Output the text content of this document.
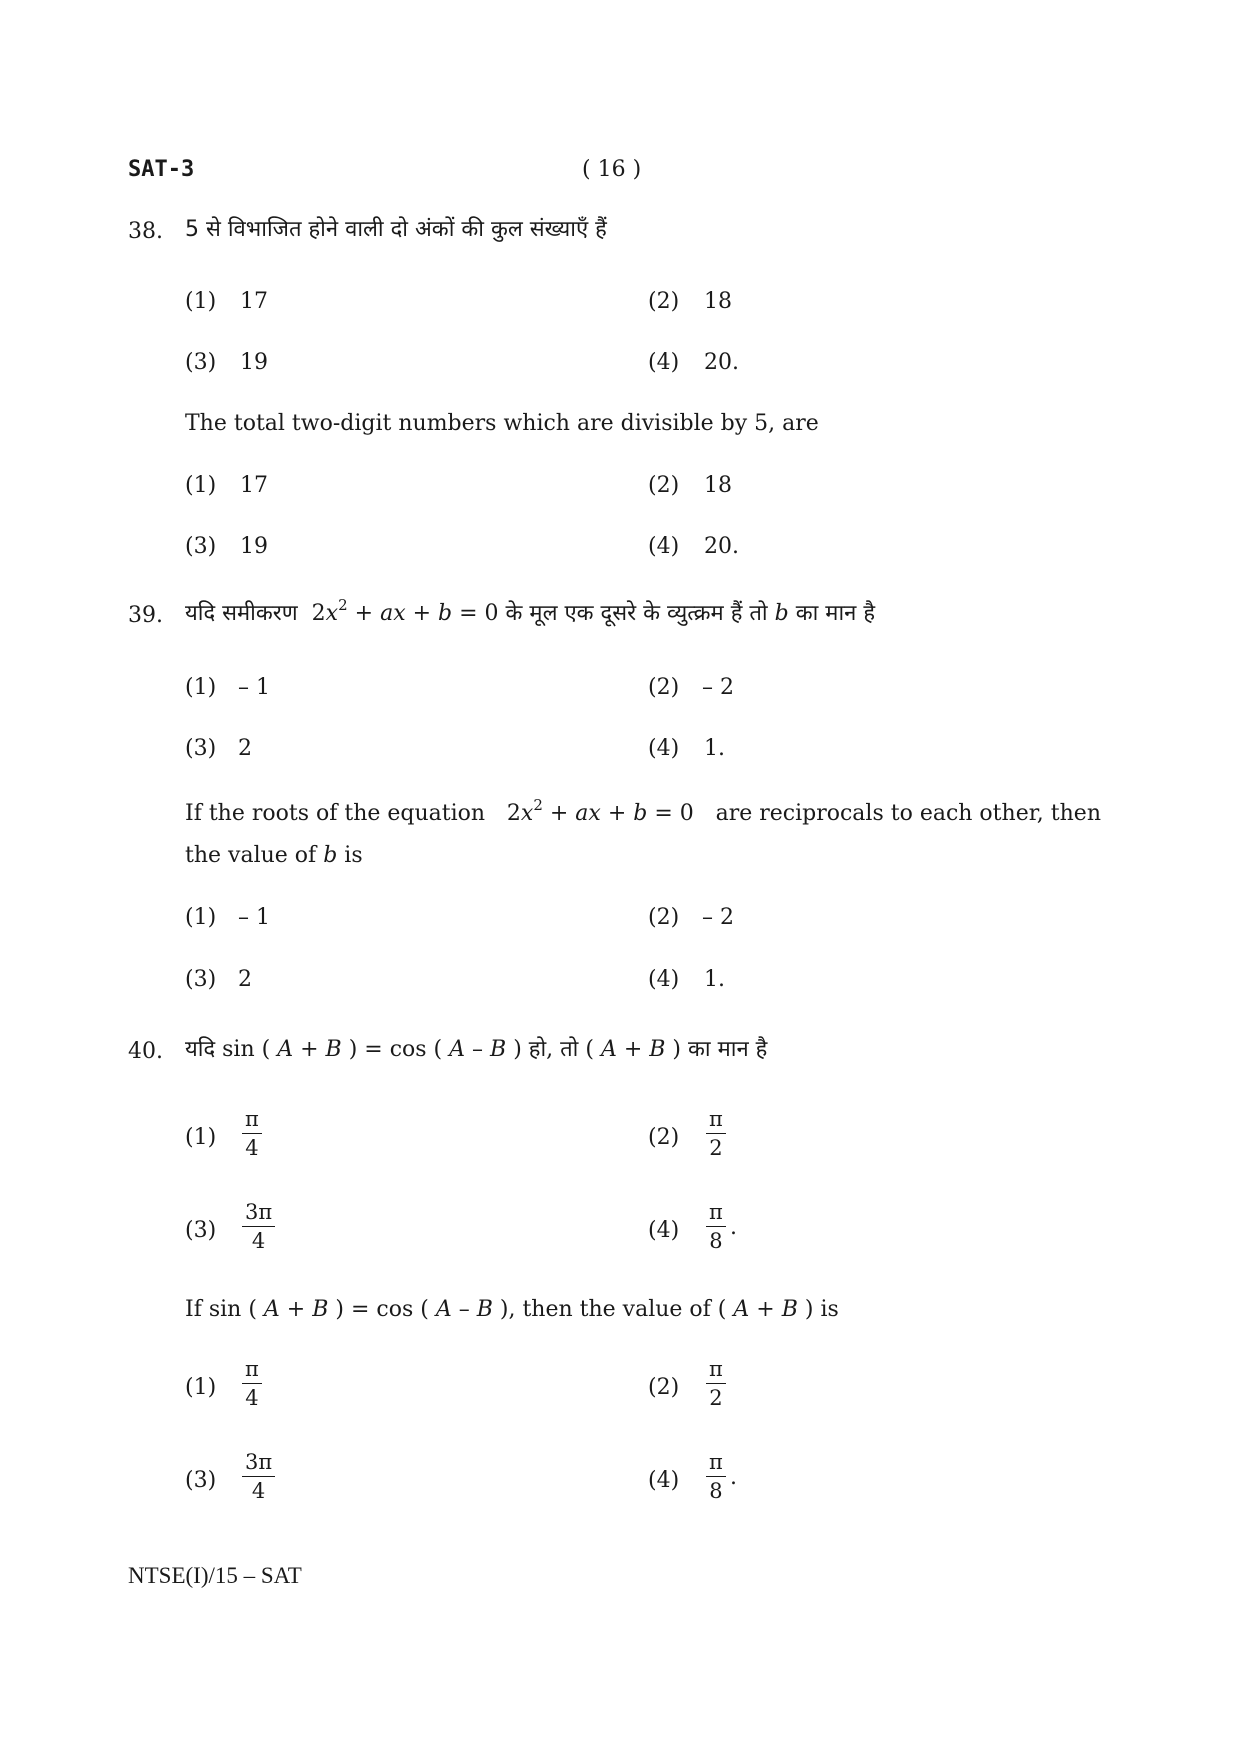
SAT-3	( 16 )
38. 5 से विभाजित होने वाली दो अंकों की कुल संख्याएँ हैं
(1) 17	(2) 18
(3) 19	(4) 20.
The total two-digit numbers which are divisible by 5, are
(1) 17	(2) 18
(3) 19	(4) 20.
39. यदि समीकरण $2x^2$ + ax + b = 0 के मूल एक दूसरे के व्युत्क्रम हैं तो b का मान है
(1) – 1	(2) – 2
(3) 2	(4) 1.
If the roots of the equation $2x^2$ + ax + b = 0 are reciprocals to each other, then
the value of b is
(1) – 1	(2) – 2
(3) 2	(4) 1.
40. यदि sin ( A + B ) = cos ( A – B ) हो, तो ( A + B ) का मान है
$(1) \frac{\pi}{4}$	$(2) \frac{\pi}{2}$
$(3) \frac{3\pi}{4}$	$(4) \frac{\pi}{8}$ .
If sin ( A + B ) = cos ( A – B ), then the value of ( A + B ) is
$(1) \frac{\pi}{4}$	$(2) \frac{\pi}{2}$
$(3) \frac{3\pi}{4}$	$(4) \frac{\pi}{8}$ .
NTSE(I)/15 – SAT
